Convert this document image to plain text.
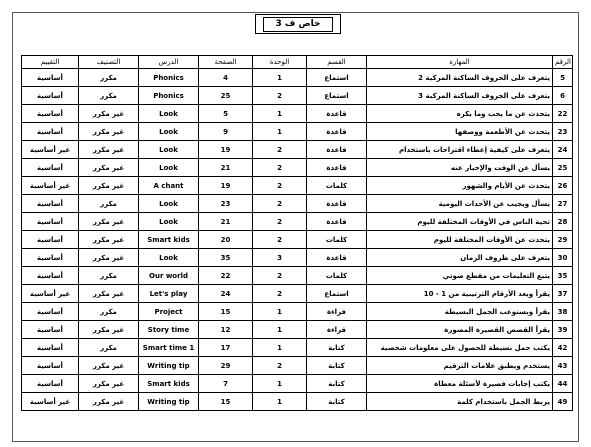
خاص ف 3
التقييم	التصنيف	الدرس	الصفحة	الوحدة	القسم	المهارة	الرقم
أساسية	مكرر	Phonics	4	1	استماع	يتعرف على الحروف الساكنة المركبة 2	5
أساسية	مكرر	Phonics	25	2	استماع	يتعرف على الحروف الساكنة المركبة 3	6
أساسية	غير مكرر	Look	5	1	قاعدة	يتحدث عن ما يحب وما يكره	22
أساسية	غير مكرر	Look	9	1	قاعدة	يتحدث عن الأطعمة ووصفها	23
غير أساسية	غير مكرر	Look	19	2	قاعدة	يتعرف على كيفية إعطاء اقتراحات باستخدام	24
أساسية	غير مكرر	Look	21	2	قاعدة	يسأل عن الوقت والإخبار عنه	25
غير أساسية	غير مكرر	A chant	19	2	كلمات	يتحدث عن الأيام والشهور	26
أساسية	مكرر	Look	23	2	قاعدة	يسأل ويجيب عن الأحداث اليومية	27
أساسية	غير مكرر	Look	21	2	قاعدة	تحية الناس في الأوقات المختلفة لليوم	28
أساسية	غير مكرر	Smart kids	20	2	كلمات	يتحدث عن الأوقات المختلفة لليوم	29
أساسية	غير مكرر	Look	35	3	قاعدة	يتعرف على ظروف الزمان	30
أساسية	مكرر	Our world	22	2	كلمات	يتبع التعليمات من مقطع صوتي	35
غير أساسية	غير مكرر	Let's play	24	2	استماع	يقرأ ويعد الأرقام الترتيبية من 1 - 10	37
أساسية	مكرر	Project	15	1	قراءة	يقرأ ويستوعب الجمل البسيطة	38
أساسية	غير مكرر	Story time	12	1	قراءة	يقرأ القصص القصيرة المصورة	39
أساسية	مكرر	Smart time 1	17	1	كتابة	يكتب جمل بسيطة للحصول على معلومات شخصية	42
أساسية	غير مكرر	Writing tip	29	2	كتابة	يستخدم ويطبق علامات الترقيم	43
أساسية	غير مكرر	Smart kids	7	1	كتابة	يكتب إجابات قصيرة لأسئلة معطاة	44
غير أساسية	غير مكرر	Writing tip	15	1	كتابة	يربط الجمل باستخدام كلمة	49
